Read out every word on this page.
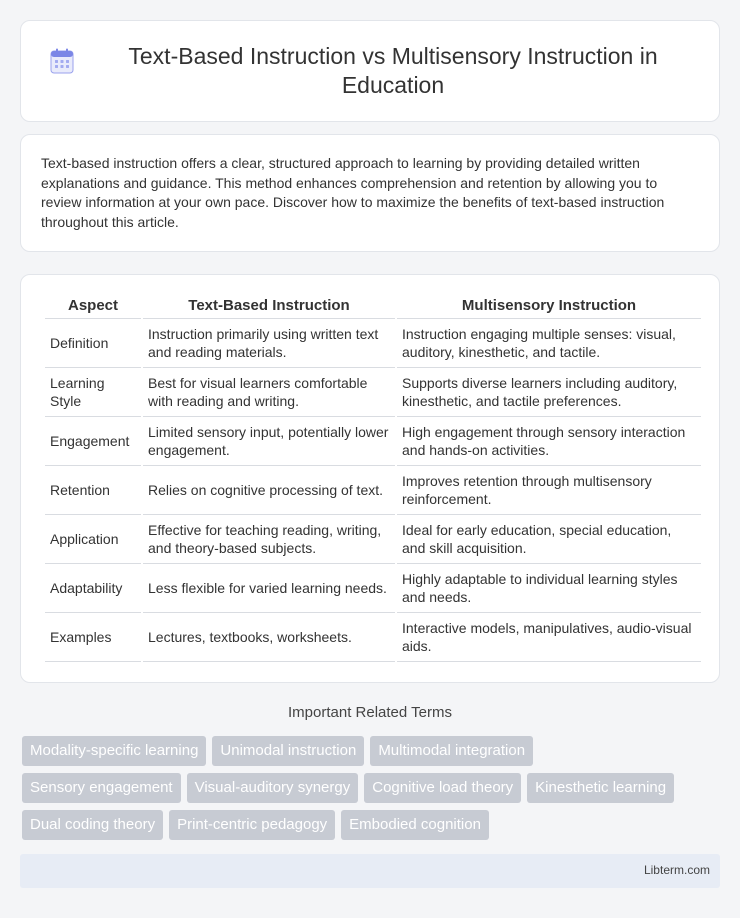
Text-Based Instruction vs Multisensory Instruction in Education

Text-based instruction offers a clear, structured approach to learning by providing detailed written explanations and guidance. This method enhances comprehension and retention by allowing you to review information at your own pace. Discover how to maximize the benefits of text-based instruction throughout this article.

Aspect	Text-Based Instruction	Multisensory Instruction
Definition	Instruction primarily using written text and reading materials.	Instruction engaging multiple senses: visual, auditory, kinesthetic, and tactile.
Learning Style	Best for visual learners comfortable with reading and writing.	Supports diverse learners including auditory, kinesthetic, and tactile preferences.
Engagement	Limited sensory input, potentially lower engagement.	High engagement through sensory interaction and hands-on activities.
Retention	Relies on cognitive processing of text.	Improves retention through multisensory reinforcement.
Application	Effective for teaching reading, writing, and theory-based subjects.	Ideal for early education, special education, and skill acquisition.
Adaptability	Less flexible for varied learning needs.	Highly adaptable to individual learning styles and needs.
Examples	Lectures, textbooks, worksheets.	Interactive models, manipulatives, audio-visual aids.
Important Related Terms
Modality-specific learning	Unimodal instruction	Multimodal integration
Sensory engagement	Visual-auditory synergy	Cognitive load theory	Kinesthetic learning
Dual coding theory	Print-centric pedagogy	Embodied cognition
Libterm.com
